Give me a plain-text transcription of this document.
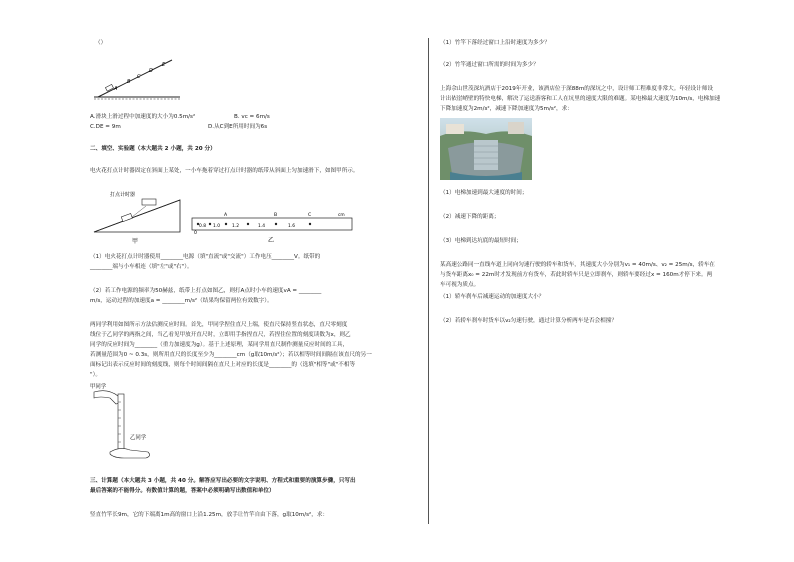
（）
A
B
C
D
E
A.滑块上滑过程中加速度的大小为0.5m/s²	B. vc = 6m/s
C.DE = 9m	D.从C到E所用时间为6s
二、填空、实验题（本大题共 2 小题，共 20 分）
电火花打点计时器固定在斜面上某处，一小车拖着穿过打点计时器的纸带从斜面上匀加速滑下，如图甲所示。
打点计时器
甲
0
A	B	C
0.8 1.0	1.2	1.4	1.6
cm
乙
（1）电火花打点计时器使用________电源（填"直流"或"交流"）工作电压________V。纸带的
________端与小车相连（填"左"或"右"）。
（2）若工作电源的频率为50赫兹，纸带上打点如图乙，则打A点时小车的速度vA = ________
m/s，运动过程的加速度a = ________m/s²（结果均保留两位有效数字）。
两同学利用如图所示方法估测反应时间。首先，甲同学捏住直尺上端，使直尺保持竖直状态，直尺零刻度
线位于乙同学的两指之间，当乙看见甲放开直尺时，立即用手指捏直尺，若捏住位置的刻度读数为x，则乙
同学的反应时间为________（重力加速度为g）。基于上述原理，某同学用直尺制作测量反应时间的工具，
若测量范围为0 ~ 0.3s，则所用直尺的长度至少为________cm（g取10m/s²）；若以相等时间间隔在该直尺的另一
面标记出表示反应时间的刻度线，则每个时间间隔在直尺上对应的长度是________的（选填"相等"或"不相等
"）。
甲同学
乙同学
三、计算题（本大题共 3 小题，共 40 分。解答应写出必要的文字说明、方程式和重要的演算步骤，只写出
最后答案的不能得分。有数值计算的题，答案中必须明确写出数值和单位）
竖直竹竿长9m，它的下端离1m高的窗口上沿1.25m，放手让竹竿自由下落，g取10m/s²，求：
（1）竹竿下落经过窗口上沿时速度为多少？
（2）竹竿通过窗口所需的时间为多少？
上海佘山世茂深坑酒店于2019年开业，该酒店位于深88m的深坑之中，设计师工程难度非常大。年轻设计师设
计出依崖峭壁的特快电梯，解决了运送游客和工人在坑里的速度大限的难题。某电梯最大速度为10m/s，电梯加速
下降加速度为2m/s²，减速下降加速度为5m/s²，求：
（1）电梯加速到最大速度的时间；
（2）减速下降的距离；
（3）电梯到达坑底的最短时间；
某高速公路同一直线车道上同向匀速行驶的轿车和货车，其速度大小分别为v₁ = 40m/s、v₂ = 25m/s，轿车在
与货车距离x₀ = 22m时才发现前方有货车，若此时轿车只是立即刹车，则轿车要经过x = 160m才停下来。两
车可视为质点。
（1）轿车刹车后减速运动的加速度大小？
（2）若轿车刹车时货车以v₂匀速行驶，通过计算分析两车是否会相撞？
